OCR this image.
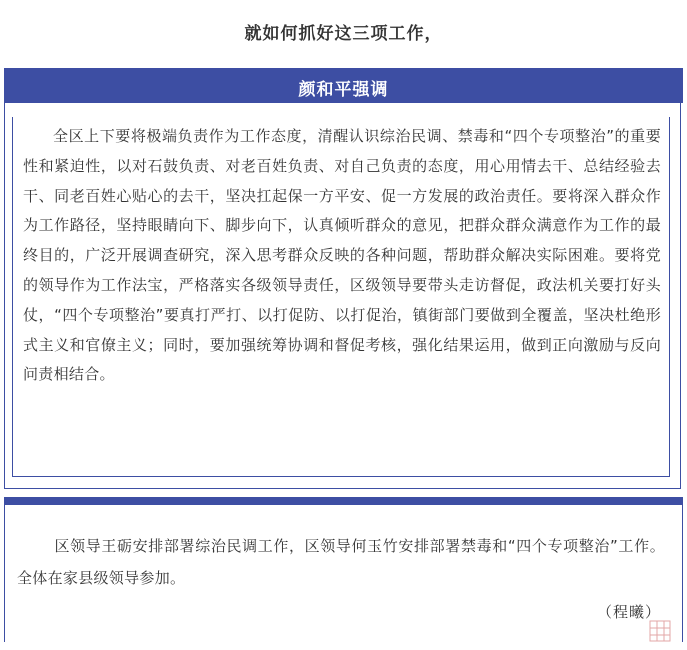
就如何抓好这三项工作，
颜和平强调

全区上下要将极端负责作为工作态度，清醒认识综治民调、禁毒和“四个专项整治”的重要性和紧迫性，以对石鼓负责、对老百姓负责、对自己负责的态度，用心用情去干、总结经验去干、同老百姓心贴心的去干，坚决扛起保一方平安、促一方发展的政治责任。要将深入群众作为工作路径，坚持眼睛向下、脚步向下，认真倾听群众的意见，把群众群众满意作为工作的最终目的，广泛开展调查研究，深入思考群众反映的各种问题，帮助群众解决实际困难。要将党的领导作为工作法宝，严格落实各级领导责任，区级领导要带头走访督促，政法机关要打好头仗，“四个专项整治”要真打严打、以打促防、以打促治，镇街部门要做到全覆盖，坚决杜绝形式主义和官僚主义；同时，要加强统筹协调和督促考核，强化结果运用，做到正向激励与反向问责相结合。

区领导王砺安排部署综治民调工作，区领导何玉竹安排部署禁毒和“四个专项整治”工作。全体在家县级领导参加。

（程曦）
